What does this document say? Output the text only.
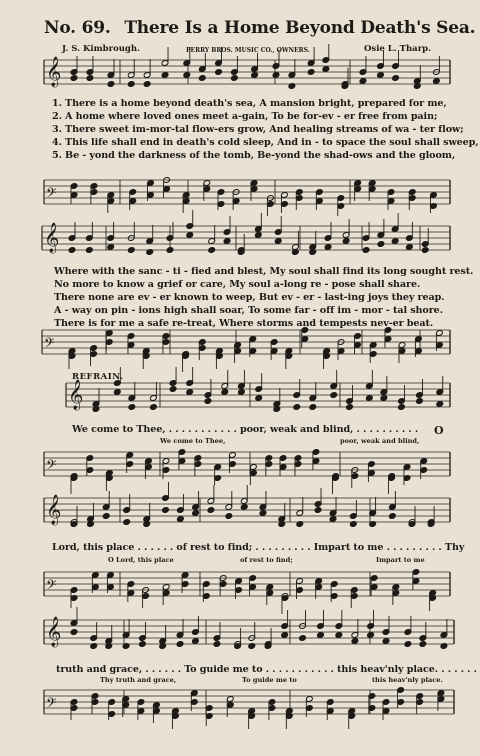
𝄞
𝄢
𝄞
𝄢
𝄞
𝄢
𝄞
𝄢
𝄞
𝄢
No. 69. There Is a Home Beyond Death's Sea.
J. S. Kimbrough.	PERRY BROS. MUSIC CO., OWNERS.	Osie L. Tharp.
1. There is a home beyond death's sea, A mansion bright, prepared for me,
2. A home where loved ones meet a-gain, To be for-ev - er free from pain;
3. There sweet im-mor-tal flow-ers grow, And healing streams of wa - ter flow;
4. This life shall end in death's cold sleep, And in - to space the soul shall sweep,
5. Be - yond the darkness of the tomb, Be-yond the shad-ows and the gloom,
Where with the sanc - ti - fied and blest, My soul shall find its long sought rest.
No more to know a grief or care, My soul a-long re - pose shall share.
There none are ev - er known to weep, But ev - er - last-ing joys they reap.
A - way on pin - ions high shall soar, To some far - off im - mor - tal shore.
There is for me a safe re-treat, Where storms and tempests nev-er beat.
REFRAIN.
We come to Thee, . . . . . . . . . . . poor, weak and blind, . . . . . . . . . . O
We come to Thee,	poor, weak and blind,
Lord, this place . . . . . . of rest to find; . . . . . . . . . Impart to me . . . . . . . . . Thy
O Lord, this place	of rest to find;	Impart to me
truth and grace, . . . . . . To guide me to . . . . . . . . . . . this heav'nly place. . . . . . .
Thy truth and grace,	To guide me to	this heav'nly place.
